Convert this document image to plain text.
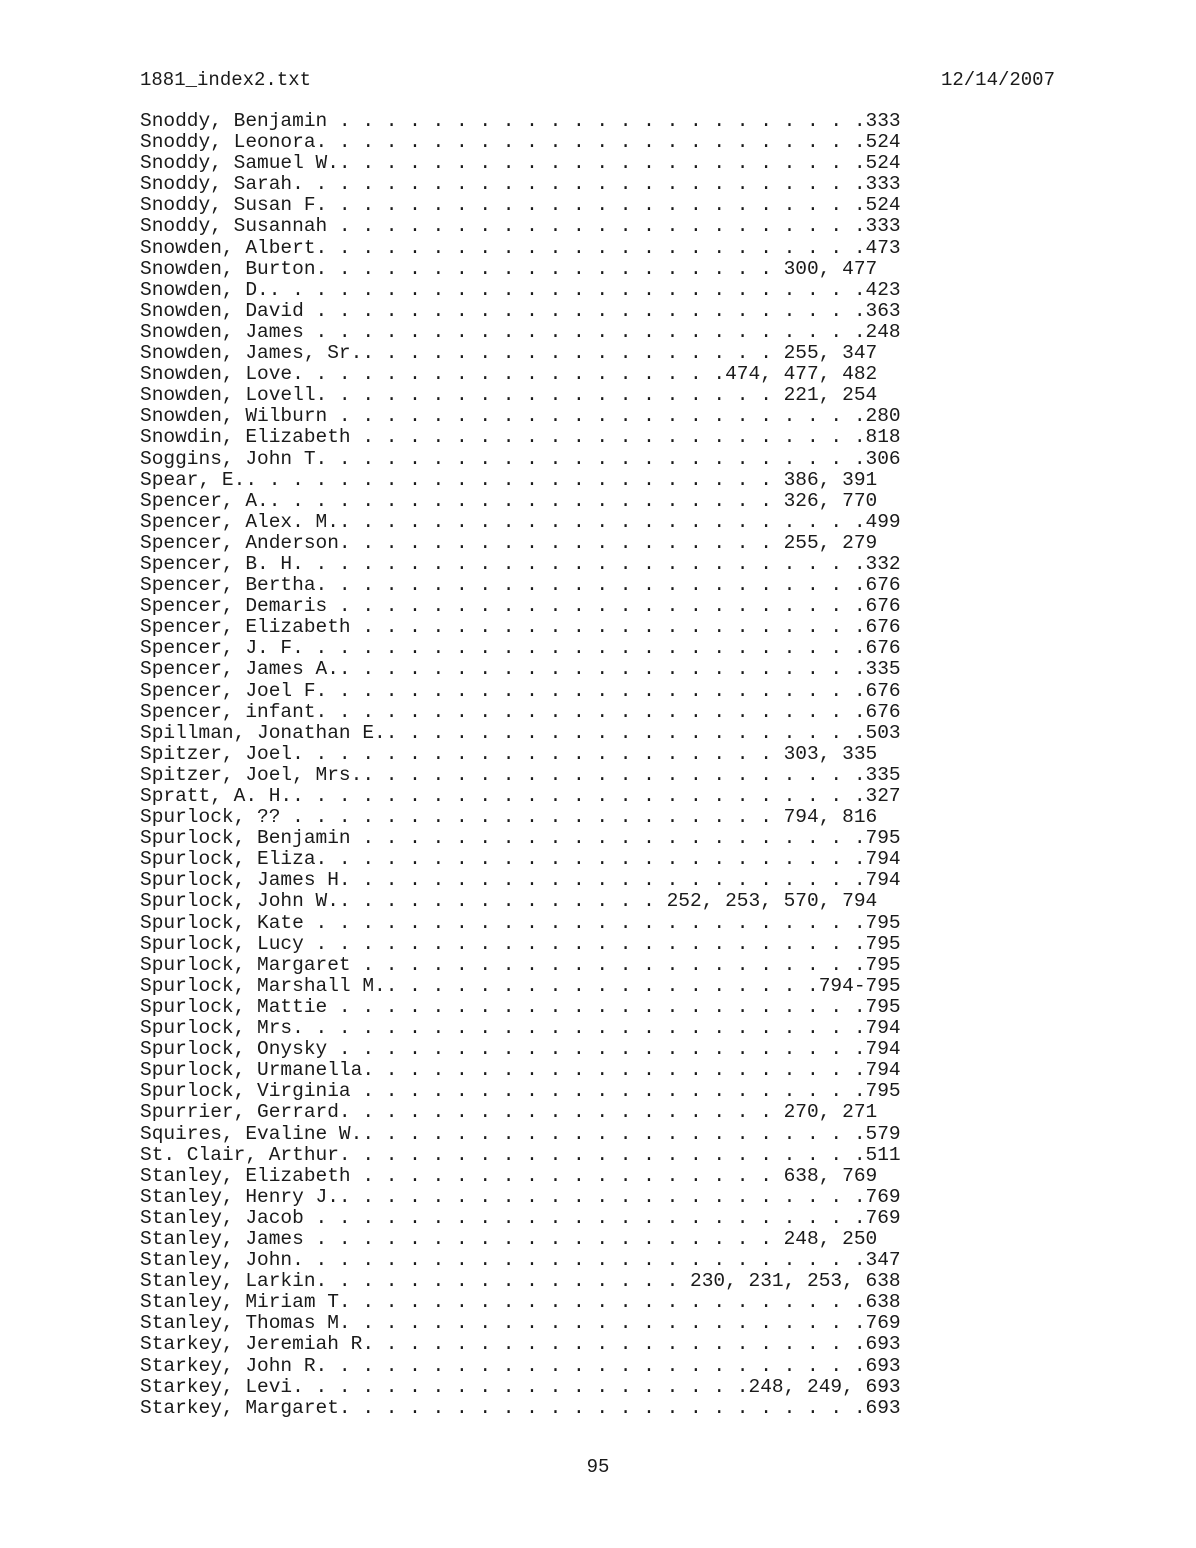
1881_index2.txt	12/14/2007
Snoddy, Benjamin . . . . . . . . . . . . . . . . . . . . . . .333
Snoddy, Leonora. . . . . . . . . . . . . . . . . . . . . . . .524
Snoddy, Samuel W.. . . . . . . . . . . . . . . . . . . . . . .524
Snoddy, Sarah. . . . . . . . . . . . . . . . . . . . . . . . .333
Snoddy, Susan F. . . . . . . . . . . . . . . . . . . . . . . .524
Snoddy, Susannah . . . . . . . . . . . . . . . . . . . . . . .333
Snowden, Albert. . . . . . . . . . . . . . . . . . . . . . . .473
Snowden, Burton. . . . . . . . . . . . . . . . . . . . 300, 477
Snowden, D.. . . . . . . . . . . . . . . . . . . . . . . . . .423
Snowden, David . . . . . . . . . . . . . . . . . . . . . . . .363
Snowden, James . . . . . . . . . . . . . . . . . . . . . . . .248
Snowden, James, Sr.. . . . . . . . . . . . . . . . . . 255, 347
Snowden, Love. . . . . . . . . . . . . . . . . . .474, 477, 482
Snowden, Lovell. . . . . . . . . . . . . . . . . . . . 221, 254
Snowden, Wilburn . . . . . . . . . . . . . . . . . . . . . . .280
Snowdin, Elizabeth . . . . . . . . . . . . . . . . . . . . . .818
Soggins, John T. . . . . . . . . . . . . . . . . . . . . . . .306
Spear, E.. . . . . . . . . . . . . . . . . . . . . . . 386, 391
Spencer, A.. . . . . . . . . . . . . . . . . . . . . . 326, 770
Spencer, Alex. M.. . . . . . . . . . . . . . . . . . . . . . .499
Spencer, Anderson. . . . . . . . . . . . . . . . . . . 255, 279
Spencer, B. H. . . . . . . . . . . . . . . . . . . . . . . . .332
Spencer, Bertha. . . . . . . . . . . . . . . . . . . . . . . .676
Spencer, Demaris . . . . . . . . . . . . . . . . . . . . . . .676
Spencer, Elizabeth . . . . . . . . . . . . . . . . . . . . . .676
Spencer, J. F. . . . . . . . . . . . . . . . . . . . . . . . .676
Spencer, James A.. . . . . . . . . . . . . . . . . . . . . . .335
Spencer, Joel F. . . . . . . . . . . . . . . . . . . . . . . .676
Spencer, infant. . . . . . . . . . . . . . . . . . . . . . . .676
Spillman, Jonathan E.. . . . . . . . . . . . . . . . . . . . .503
Spitzer, Joel. . . . . . . . . . . . . . . . . . . . . 303, 335
Spitzer, Joel, Mrs.. . . . . . . . . . . . . . . . . . . . . .335
Spratt, A. H.. . . . . . . . . . . . . . . . . . . . . . . . .327
Spurlock, ?? . . . . . . . . . . . . . . . . . . . . . 794, 816
Spurlock, Benjamin . . . . . . . . . . . . . . . . . . . . . .795
Spurlock, Eliza. . . . . . . . . . . . . . . . . . . . . . . .794
Spurlock, James H. . . . . . . . . . . . . . . . . . . . . . .794
Spurlock, John W.. . . . . . . . . . . . . . 252, 253, 570, 794
Spurlock, Kate . . . . . . . . . . . . . . . . . . . . . . . .795
Spurlock, Lucy . . . . . . . . . . . . . . . . . . . . . . . .795
Spurlock, Margaret . . . . . . . . . . . . . . . . . . . . . .795
Spurlock, Marshall M.. . . . . . . . . . . . . . . . . . .794-795
Spurlock, Mattie . . . . . . . . . . . . . . . . . . . . . . .795
Spurlock, Mrs. . . . . . . . . . . . . . . . . . . . . . . . .794
Spurlock, Onysky . . . . . . . . . . . . . . . . . . . . . . .794
Spurlock, Urmanella. . . . . . . . . . . . . . . . . . . . . .794
Spurlock, Virginia . . . . . . . . . . . . . . . . . . . . . .795
Spurrier, Gerrard. . . . . . . . . . . . . . . . . . . 270, 271
Squires, Evaline W.. . . . . . . . . . . . . . . . . . . . . .579
St. Clair, Arthur. . . . . . . . . . . . . . . . . . . . . . .511
Stanley, Elizabeth . . . . . . . . . . . . . . . . . . 638, 769
Stanley, Henry J.. . . . . . . . . . . . . . . . . . . . . . .769
Stanley, Jacob . . . . . . . . . . . . . . . . . . . . . . . .769
Stanley, James . . . . . . . . . . . . . . . . . . . . 248, 250
Stanley, John. . . . . . . . . . . . . . . . . . . . . . . . .347
Stanley, Larkin. . . . . . . . . . . . . . . . 230, 231, 253, 638
Stanley, Miriam T. . . . . . . . . . . . . . . . . . . . . . .638
Stanley, Thomas M. . . . . . . . . . . . . . . . . . . . . . .769
Starkey, Jeremiah R. . . . . . . . . . . . . . . . . . . . . .693
Starkey, John R. . . . . . . . . . . . . . . . . . . . . . . .693
Starkey, Levi. . . . . . . . . . . . . . . . . . . .248, 249, 693
Starkey, Margaret. . . . . . . . . . . . . . . . . . . . . . .693
95
